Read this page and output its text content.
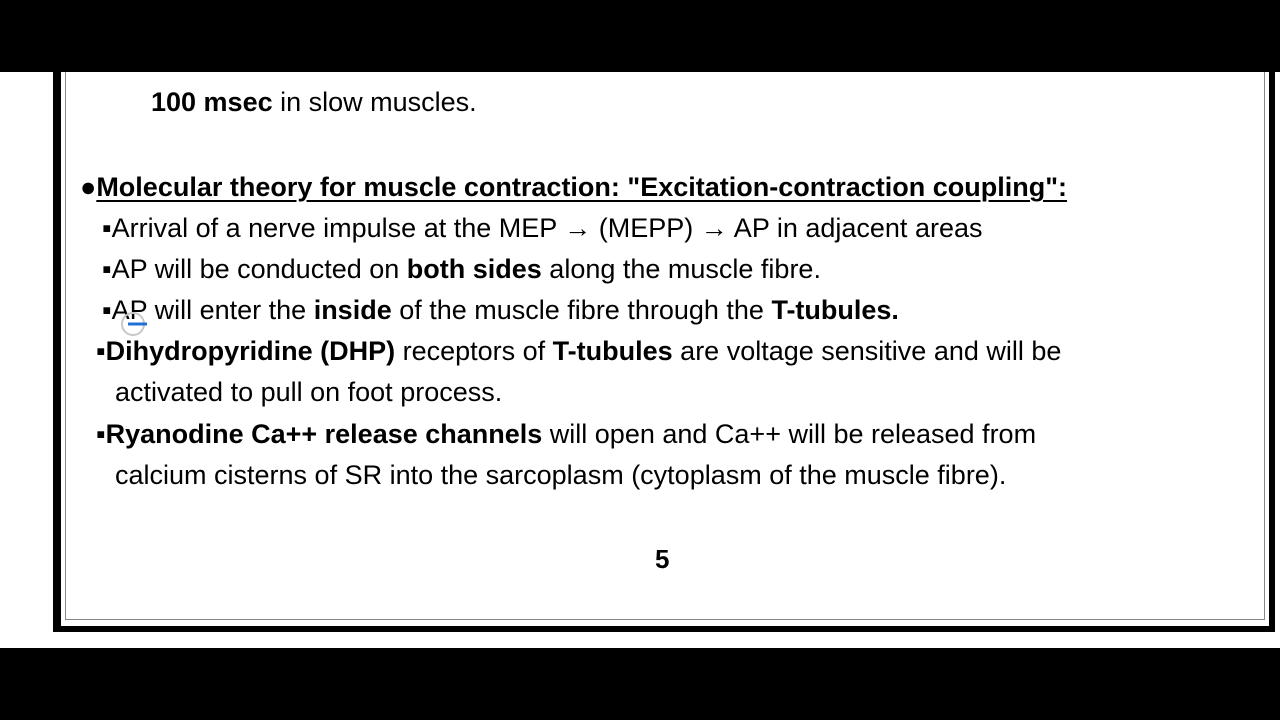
100 msec in slow muscles.
●Molecular theory for muscle contraction: "Excitation-contraction coupling":
▪Arrival of a nerve impulse at the MEP → (MEPP) → AP in adjacent areas
▪AP will be conducted on both sides along the muscle fibre.
▪AP will enter the inside of the muscle fibre through the T-tubules.
▪Dihydropyridine (DHP) receptors of T-tubules are voltage sensitive and will be
activated to pull on foot process.
▪Ryanodine Ca++ release channels will open and Ca++ will be released from
calcium cisterns of SR into the sarcoplasm (cytoplasm of the muscle fibre).
5
